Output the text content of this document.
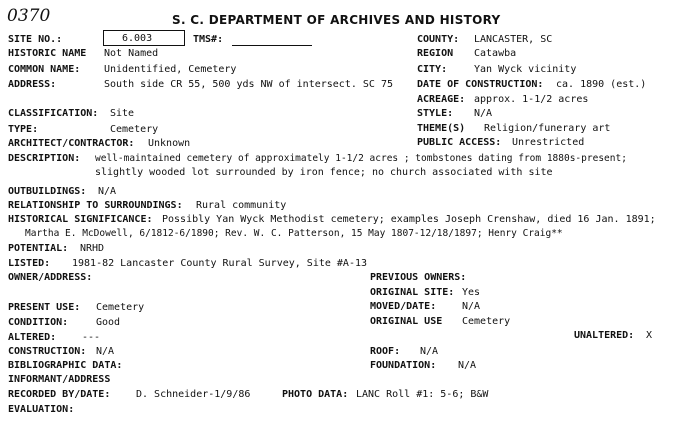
0370	S. C. DEPARTMENT OF ARCHIVES AND HISTORY
SITE NO.:	6.003	TMS#:	COUNTY: LANCASTER, SC
HISTORIC NAME Not Named	REGION Catawba
COMMON NAME: Unidentified, Cemetery	CITY:	Yan Wyck vicinity
ADDRESS:	South side CR 55, 500 yds NW of intersect. SC 75 DATE OF CONSTRUCTION: ca. 1890 (est.)
ACREAGE: approx. 1-1/2 acres
CLASSIFICATION: Site	STYLE: N/A
TYPE:	Cemetery	THEME(S) Religion/funerary art
ARCHITECT/CONTRACTOR: Unknown	PUBLIC ACCESS: Unrestricted
DESCRIPTION: well-maintained cemetery of approximately 1-1/2 acres ; tombstones dating from 1880s-present;
slightly wooded lot surrounded by iron fence; no church associated with site
OUTBUILDINGS: N/A
RELATIONSHIP TO SURROUNDINGS: Rural community
HISTORICAL SIGNIFICANCE: Possibly Yan Wyck Methodist cemetery; examples Joseph Crenshaw, died 16 Jan. 1891;
Martha E. McDowell, 6/1812-6/1890; Rev. W. C. Patterson, 15 May 1807-12/18/1897; Henry Craig**
POTENTIAL: NRHD
LISTED: 1981-82 Lancaster County Rural Survey, Site #A-13
OWNER/ADDRESS:	PREVIOUS OWNERS:
ORIGINAL SITE: Yes
PRESENT USE: Cemetery	MOVED/DATE:	N/A
CONDITION:	Good	ORIGINAL USE Cemetery
UNALTERED: X
ALTERED:	---
CONSTRUCTION: N/A	ROOF: N/A
BIBLIOGRAPHIC DATA:	FOUNDATION: N/A
INFORMANT/ADDRESS
RECORDED BY/DATE:	D. Schneider-1/9/86	PHOTO DATA: LANC Roll #1: 5-6; B&W
EVALUATION:
